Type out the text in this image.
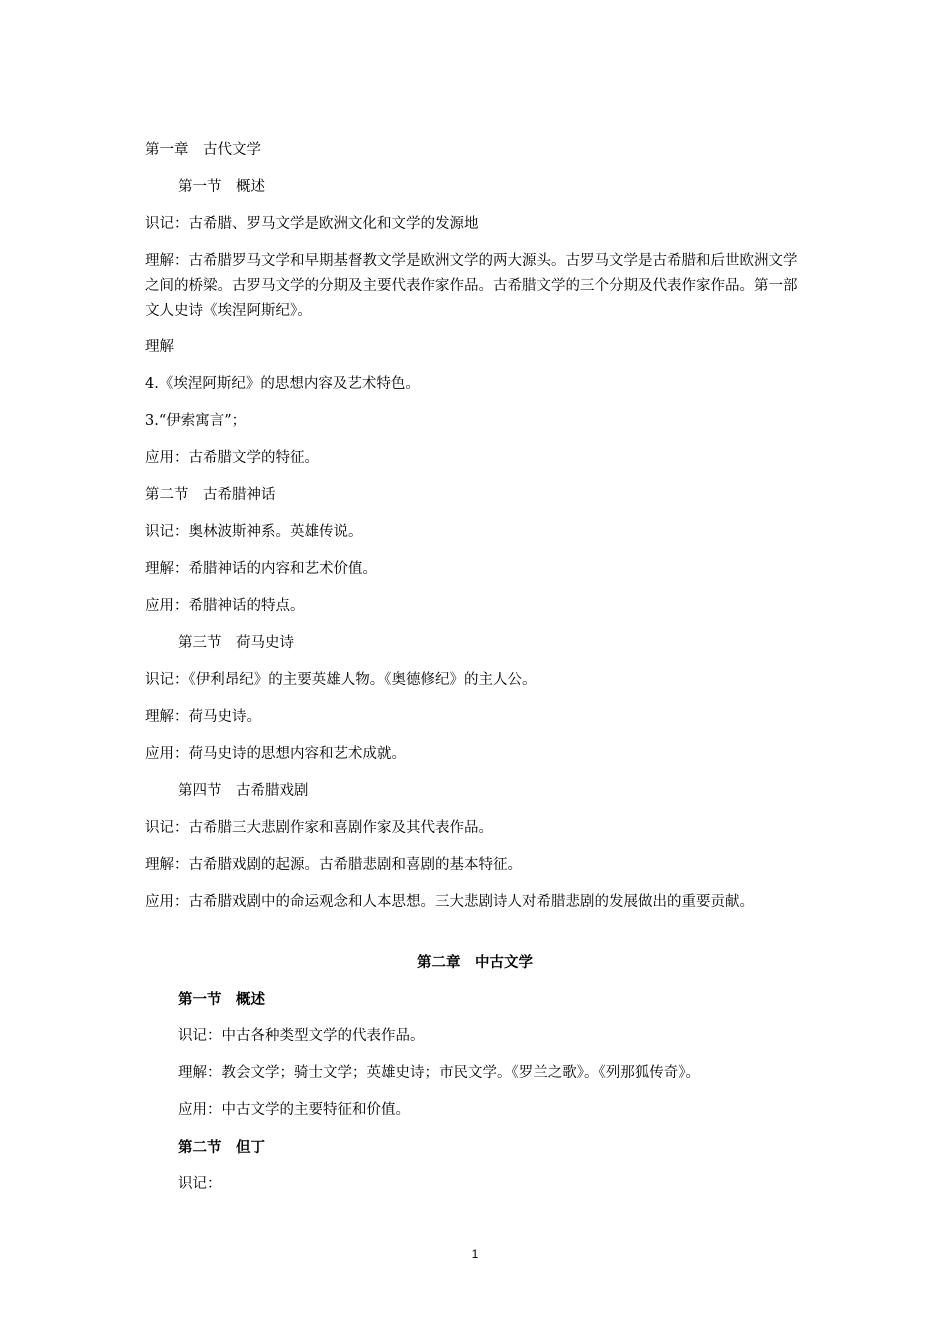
第一章　古代文学
第一节　概述
识记：古希腊、罗马文学是欧洲文化和文学的发源地
理解：古希腊罗马文学和早期基督教文学是欧洲文学的两大源头。古罗马文学是古希腊和后世欧洲文学之间的桥梁。古罗马文学的分期及主要代表作家作品。古希腊文学的三个分期及代表作家作品。第一部文人史诗《埃涅阿斯纪》。
理解
4.《埃涅阿斯纪》的思想内容及艺术特色。
3.“伊索寓言”；
应用：古希腊文学的特征。
第二节　古希腊神话
识记：奥林波斯神系。英雄传说。
理解：希腊神话的内容和艺术价值。
应用：希腊神话的特点。
第三节　荷马史诗
识记：《伊利昂纪》的主要英雄人物。《奥德修纪》的主人公。
理解：荷马史诗。
应用：荷马史诗的思想内容和艺术成就。
第四节　古希腊戏剧
识记：古希腊三大悲剧作家和喜剧作家及其代表作品。
理解：古希腊戏剧的起源。古希腊悲剧和喜剧的基本特征。
应用：古希腊戏剧中的命运观念和人本思想。三大悲剧诗人对希腊悲剧的发展做出的重要贡献。
第二章　中古文学
第一节　概述
识记：中古各种类型文学的代表作品。
理解：教会文学；骑士文学；英雄史诗；市民文学。《罗兰之歌》。《列那狐传奇》。
应用：中古文学的主要特征和价值。
第二节　但丁
识记：
1
